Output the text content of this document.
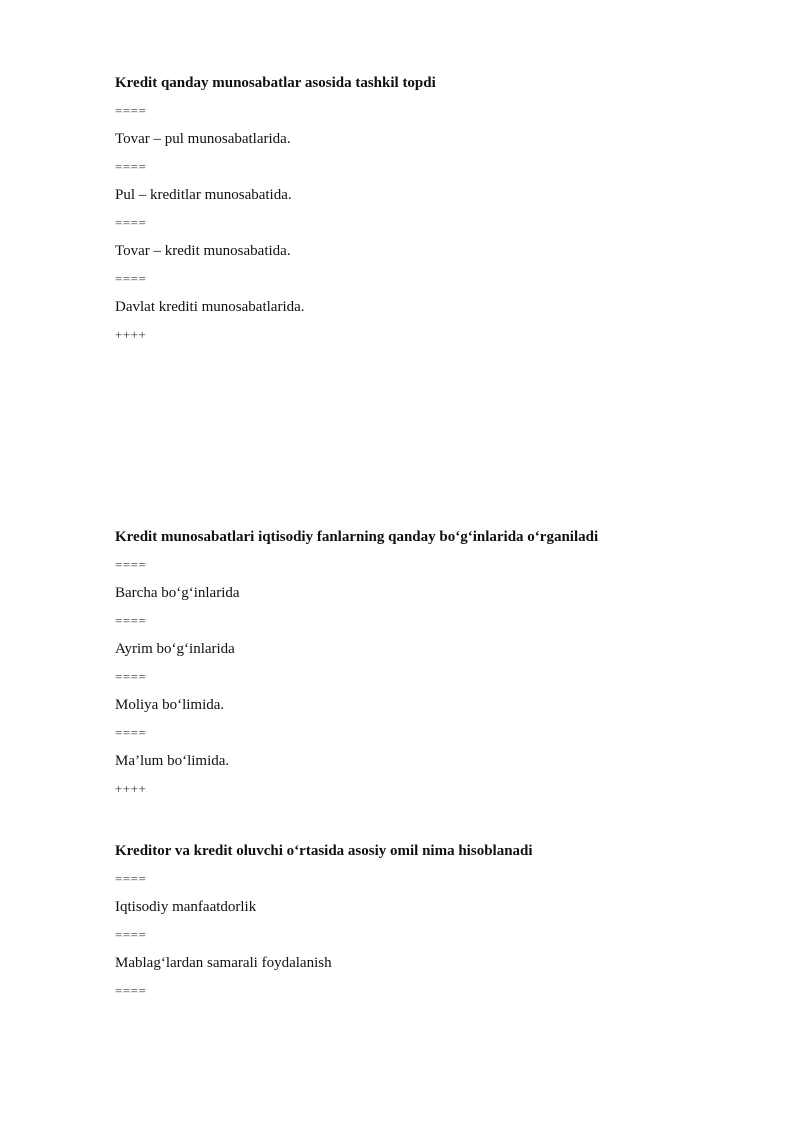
Kredit qanday munosabatlar asosida tashkil topdi
====
Tovar – pul munosabatlarida.
====
Pul – kreditlar munosabatida.
====
Tovar – kredit munosabatida.
====
Davlat krediti munosabatlarida.
++++
Kredit munosabatlari iqtisodiy fanlarning qanday bo‘g‘inlarida o‘rganiladi
====
Barcha bo‘g‘inlarida
====
Ayrim bo‘g‘inlarida
====
Moliya bo‘limida.
====
Ma’lum bo‘limida.
++++
Kreditor va kredit oluvchi o‘rtasida asosiy omil nima hisoblanadi
====
Iqtisodiy manfaatdorlik
====
Mablag‘lardan samarali foydalanish
====
